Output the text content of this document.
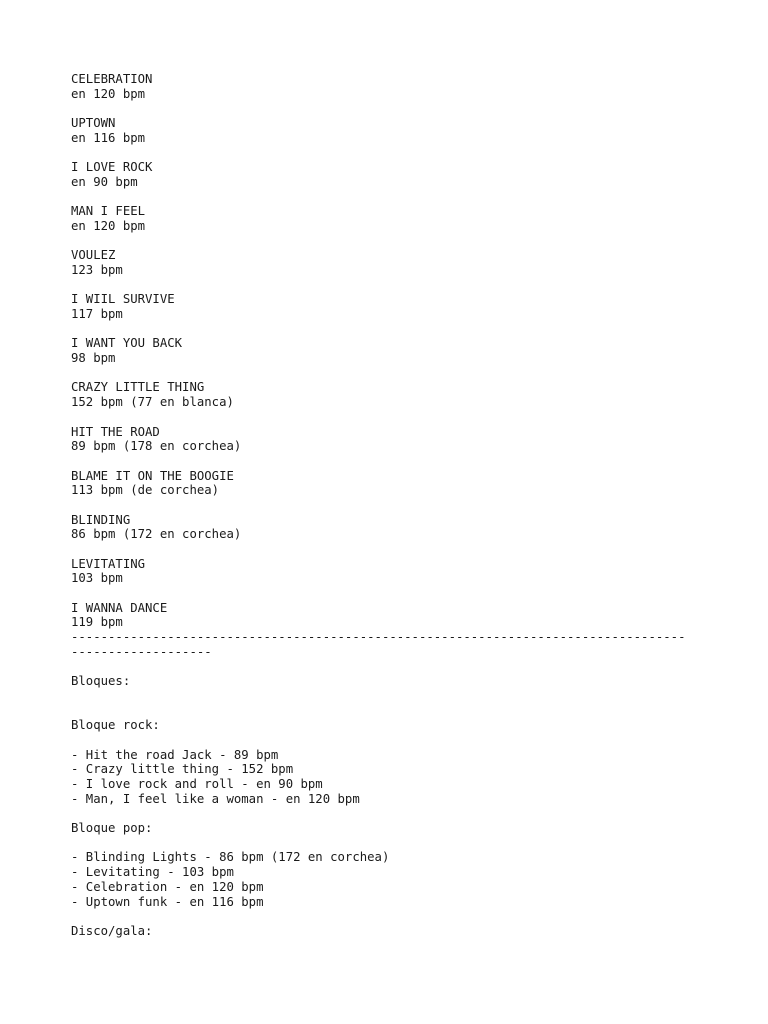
CELEBRATION
en 120 bpm
UPTOWN
en 116 bpm
I LOVE ROCK
en 90 bpm
MAN I FEEL
en 120 bpm
VOULEZ
123 bpm
I WIIL SURVIVE
117 bpm
I WANT YOU BACK
98 bpm
CRAZY LITTLE THING
152 bpm (77 en blanca)
HIT THE ROAD
89 bpm (178 en corchea)
BLAME IT ON THE BOOGIE
113 bpm (de corchea)
BLINDING
86 bpm (172 en corchea)
LEVITATING
103 bpm
I WANNA DANCE
119 bpm
-----------------------------------------------------------------------------------
-------------------
Bloques:
Bloque rock:
- Hit the road Jack - 89 bpm
- Crazy little thing - 152 bpm
- I love rock and roll - en 90 bpm
- Man, I feel like a woman - en 120 bpm
Bloque pop:
- Blinding Lights - 86 bpm (172 en corchea)
- Levitating - 103 bpm
- Celebration - en 120 bpm
- Uptown funk - en 116 bpm
Disco/gala:
